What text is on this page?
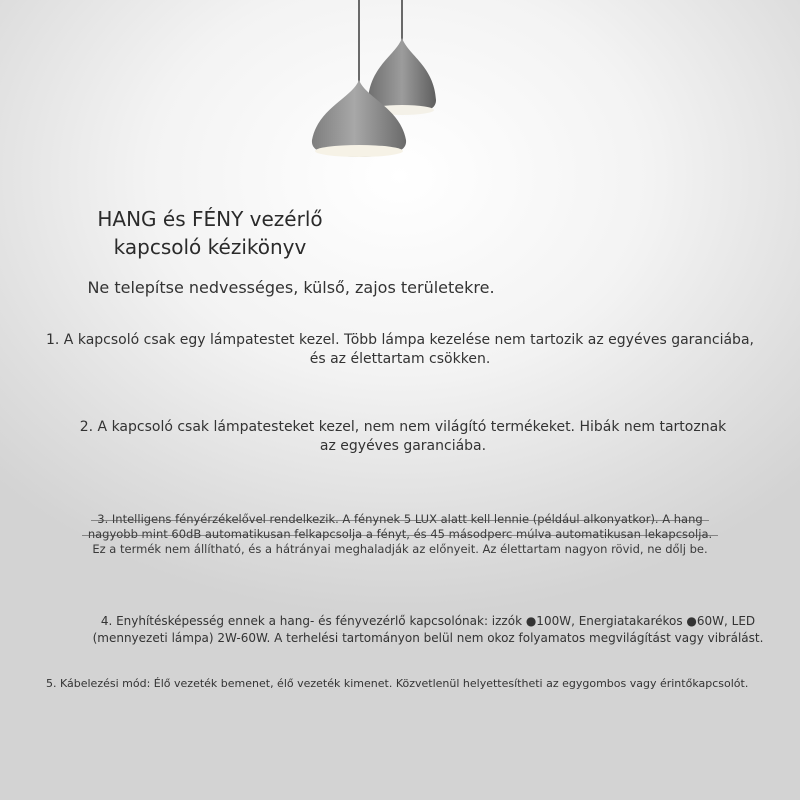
HANG és FÉNY vezérlő
kapcsoló kézikönyv
Ne telepítse nedvességes, külső, zajos területekre.
1. A kapcsoló csak egy lámpatestet kezel. Több lámpa kezelése nem tartozik az egyéves garanciába,
és az élettartam csökken.
2. A kapcsoló csak lámpatesteket kezel, nem nem világító termékeket. Hibák nem tartoznak
az egyéves garanciába.
3. Intelligens fényérzékelővel rendelkezik. A fénynek 5 LUX alatt kell lennie (például alkonyatkor). A hang
nagyobb mint 60dB automatikusan felkapcsolja a fényt, és 45 másodperc múlva automatikusan lekapcsolja.
Ez a termék nem állítható, és a hátrányai meghaladják az előnyeit. Az élettartam nagyon rövid, ne dőlj be.
4. Enyhítésképesség ennek a hang- és fényvezérlő kapcsolónak: izzók ●100W, Energiatakarékos ●60W, LED
(mennyezeti lámpa) 2W-60W. A terhelési tartományon belül nem okoz folyamatos megvilágítást vagy vibrálást.
5. Kábelezési mód: Élő vezeték bemenet, élő vezeték kimenet. Közvetlenül helyettesítheti az egygombos vagy érintőkapcsolót.
